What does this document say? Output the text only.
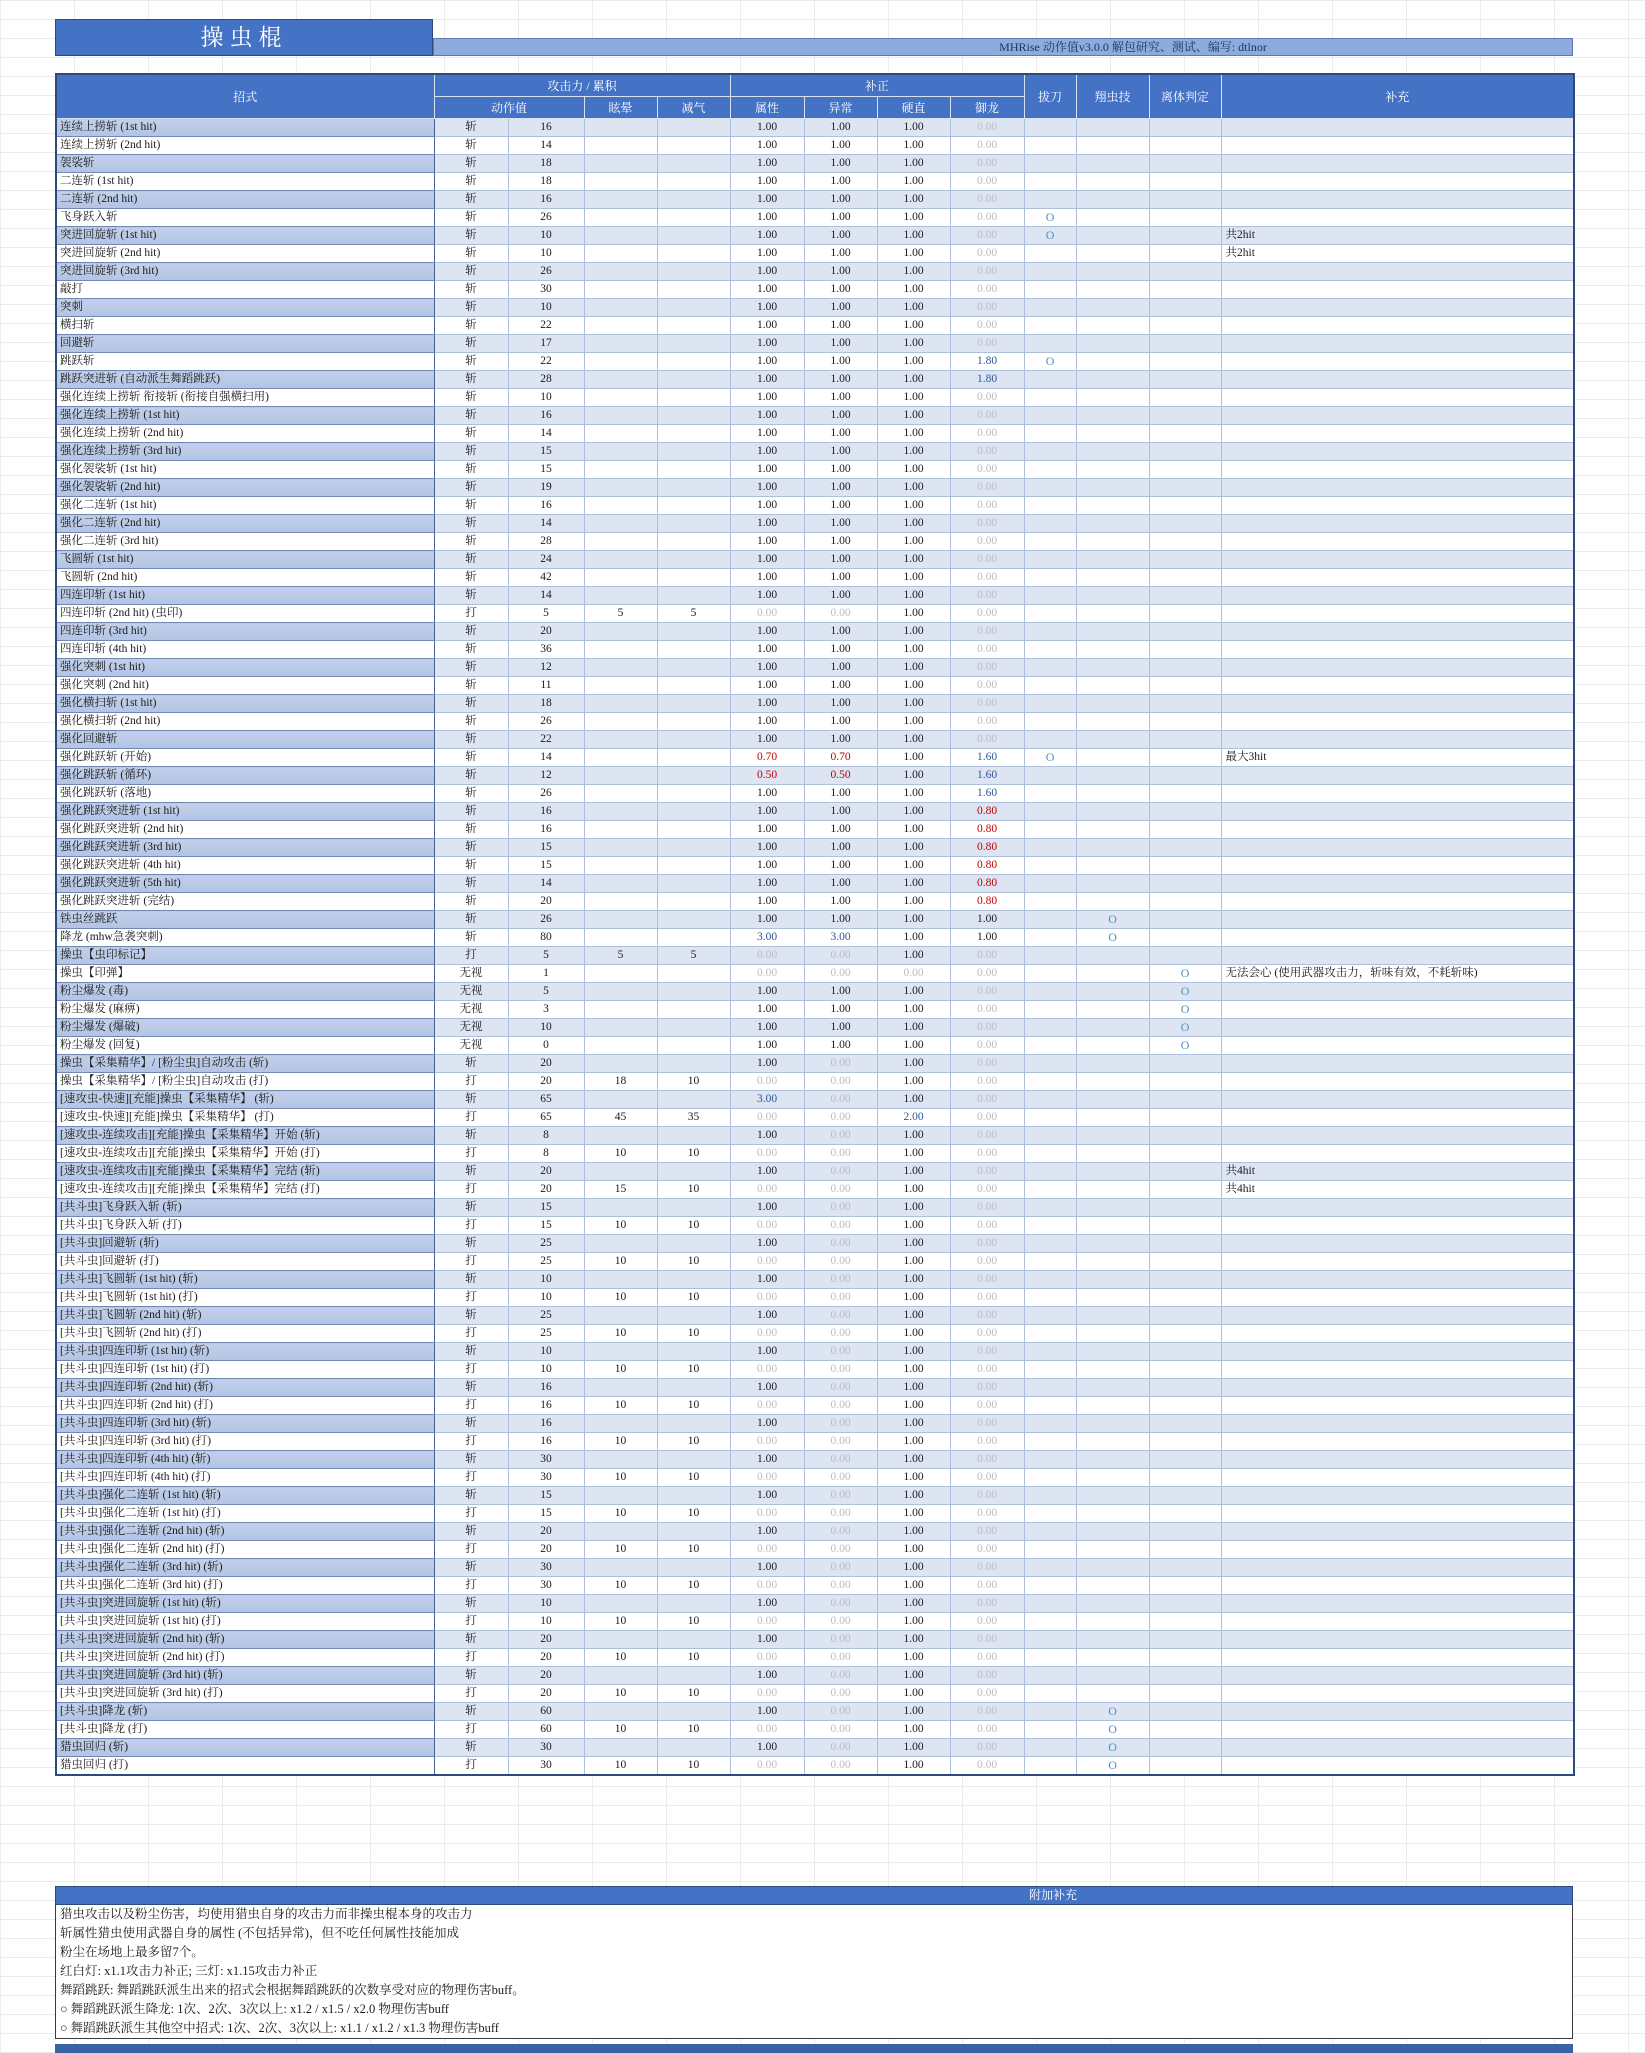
操虫棍	MHRise 动作值v3.0.0 解包研究、测试、编写: dtlnor
招式	攻击力 / 累积				补正				拔刀	翔虫技	离体判定	补充
	动作值		眩晕	减气	属性	异常	硬直	御龙				
连续上捞斩 (1st hit)	斩	16			1.00	1.00	1.00	0.00				
连续上捞斩 (2nd hit)	斩	14			1.00	1.00	1.00	0.00				
袈裟斩	斩	18			1.00	1.00	1.00	0.00				
二连斩 (1st hit)	斩	18			1.00	1.00	1.00	0.00				
二连斩 (2nd hit)	斩	16			1.00	1.00	1.00	0.00				
飞身跃入斩	斩	26			1.00	1.00	1.00	0.00	O			
突进回旋斩 (1st hit)	斩	10			1.00	1.00	1.00	0.00	O			共2hit
突进回旋斩 (2nd hit)	斩	10			1.00	1.00	1.00	0.00				共2hit
突进回旋斩 (3rd hit)	斩	26			1.00	1.00	1.00	0.00				
敲打	斩	30			1.00	1.00	1.00	0.00				
突刺	斩	10			1.00	1.00	1.00	0.00				
横扫斩	斩	22			1.00	1.00	1.00	0.00				
回避斩	斩	17			1.00	1.00	1.00	0.00				
跳跃斩	斩	22			1.00	1.00	1.00	1.80	O			
跳跃突进斩 (自动派生舞蹈跳跃)	斩	28			1.00	1.00	1.00	1.80				
强化连续上捞斩 衔接斩 (衔接自强横扫用)	斩	10			1.00	1.00	1.00	0.00				
强化连续上捞斩 (1st hit)	斩	16			1.00	1.00	1.00	0.00				
强化连续上捞斩 (2nd hit)	斩	14			1.00	1.00	1.00	0.00				
强化连续上捞斩 (3rd hit)	斩	15			1.00	1.00	1.00	0.00				
强化袈裟斩 (1st hit)	斩	15			1.00	1.00	1.00	0.00				
强化袈裟斩 (2nd hit)	斩	19			1.00	1.00	1.00	0.00				
强化二连斩 (1st hit)	斩	16			1.00	1.00	1.00	0.00				
强化二连斩 (2nd hit)	斩	14			1.00	1.00	1.00	0.00				
强化二连斩 (3rd hit)	斩	28			1.00	1.00	1.00	0.00				
飞圆斩 (1st hit)	斩	24			1.00	1.00	1.00	0.00				
飞圆斩 (2nd hit)	斩	42			1.00	1.00	1.00	0.00				
四连印斩 (1st hit)	斩	14			1.00	1.00	1.00	0.00				
四连印斩 (2nd hit) (虫印)	打	5	5	5	0.00	0.00	1.00	0.00				
四连印斩 (3rd hit)	斩	20			1.00	1.00	1.00	0.00				
四连印斩 (4th hit)	斩	36			1.00	1.00	1.00	0.00				
强化突刺 (1st hit)	斩	12			1.00	1.00	1.00	0.00				
强化突刺 (2nd hit)	斩	11			1.00	1.00	1.00	0.00				
强化横扫斩 (1st hit)	斩	18			1.00	1.00	1.00	0.00				
强化横扫斩 (2nd hit)	斩	26			1.00	1.00	1.00	0.00				
强化回避斩	斩	22			1.00	1.00	1.00	0.00				
强化跳跃斩 (开始)	斩	14			0.70	0.70	1.00	1.60	O			最大3hit
强化跳跃斩 (循环)	斩	12			0.50	0.50	1.00	1.60				
强化跳跃斩 (落地)	斩	26			1.00	1.00	1.00	1.60				
强化跳跃突进斩 (1st hit)	斩	16			1.00	1.00	1.00	0.80				
强化跳跃突进斩 (2nd hit)	斩	16			1.00	1.00	1.00	0.80				
强化跳跃突进斩 (3rd hit)	斩	15			1.00	1.00	1.00	0.80				
强化跳跃突进斩 (4th hit)	斩	15			1.00	1.00	1.00	0.80				
强化跳跃突进斩 (5th hit)	斩	14			1.00	1.00	1.00	0.80				
强化跳跃突进斩 (完结)	斩	20			1.00	1.00	1.00	0.80				
铁虫丝跳跃	斩	26			1.00	1.00	1.00	1.00		O		
降龙 (mhw急袭突刺)	斩	80			3.00	3.00	1.00	1.00		O		
操虫【虫印标记】	打	5	5	5	0.00	0.00	1.00	0.00				
操虫【印弹】	无视	1			0.00	0.00	0.00	0.00			O	无法会心 (使用武器攻击力，斩味有效，不耗斩味)
粉尘爆发 (毒)	无视	5			1.00	1.00	1.00	0.00			O	
粉尘爆发 (麻痹)	无视	3			1.00	1.00	1.00	0.00			O	
粉尘爆发 (爆破)	无视	10			1.00	1.00	1.00	0.00			O	
粉尘爆发 (回复)	无视	0			1.00	1.00	1.00	0.00			O	
操虫【采集精华】/ [粉尘虫]自动攻击 (斩)	斩	20			1.00	0.00	1.00	0.00				
操虫【采集精华】/ [粉尘虫]自动攻击 (打)	打	20	18	10	0.00	0.00	1.00	0.00				
[速攻虫-快速][充能]操虫【采集精华】 (斩)	斩	65			3.00	0.00	1.00	0.00				
[速攻虫-快速][充能]操虫【采集精华】 (打)	打	65	45	35	0.00	0.00	2.00	0.00				
[速攻虫-连续攻击][充能]操虫【采集精华】开始 (斩)	斩	8			1.00	0.00	1.00	0.00				
[速攻虫-连续攻击][充能]操虫【采集精华】开始 (打)	打	8	10	10	0.00	0.00	1.00	0.00				
[速攻虫-连续攻击][充能]操虫【采集精华】完结 (斩)	斩	20			1.00	0.00	1.00	0.00				共4hit
[速攻虫-连续攻击][充能]操虫【采集精华】完结 (打)	打	20	15	10	0.00	0.00	1.00	0.00				共4hit
[共斗虫]飞身跃入斩 (斩)	斩	15			1.00	0.00	1.00	0.00				
[共斗虫]飞身跃入斩 (打)	打	15	10	10	0.00	0.00	1.00	0.00				
[共斗虫]回避斩 (斩)	斩	25			1.00	0.00	1.00	0.00				
[共斗虫]回避斩 (打)	打	25	10	10	0.00	0.00	1.00	0.00				
[共斗虫]飞圆斩 (1st hit) (斩)	斩	10			1.00	0.00	1.00	0.00				
[共斗虫]飞圆斩 (1st hit) (打)	打	10	10	10	0.00	0.00	1.00	0.00				
[共斗虫]飞圆斩 (2nd hit) (斩)	斩	25			1.00	0.00	1.00	0.00				
[共斗虫]飞圆斩 (2nd hit) (打)	打	25	10	10	0.00	0.00	1.00	0.00				
[共斗虫]四连印斩 (1st hit) (斩)	斩	10			1.00	0.00	1.00	0.00				
[共斗虫]四连印斩 (1st hit) (打)	打	10	10	10	0.00	0.00	1.00	0.00				
[共斗虫]四连印斩 (2nd hit) (斩)	斩	16			1.00	0.00	1.00	0.00				
[共斗虫]四连印斩 (2nd hit) (打)	打	16	10	10	0.00	0.00	1.00	0.00				
[共斗虫]四连印斩 (3rd hit) (斩)	斩	16			1.00	0.00	1.00	0.00				
[共斗虫]四连印斩 (3rd hit) (打)	打	16	10	10	0.00	0.00	1.00	0.00				
[共斗虫]四连印斩 (4th hit) (斩)	斩	30			1.00	0.00	1.00	0.00				
[共斗虫]四连印斩 (4th hit) (打)	打	30	10	10	0.00	0.00	1.00	0.00				
[共斗虫]强化二连斩 (1st hit) (斩)	斩	15			1.00	0.00	1.00	0.00				
[共斗虫]强化二连斩 (1st hit) (打)	打	15	10	10	0.00	0.00	1.00	0.00				
[共斗虫]强化二连斩 (2nd hit) (斩)	斩	20			1.00	0.00	1.00	0.00				
[共斗虫]强化二连斩 (2nd hit) (打)	打	20	10	10	0.00	0.00	1.00	0.00				
[共斗虫]强化二连斩 (3rd hit) (斩)	斩	30			1.00	0.00	1.00	0.00				
[共斗虫]强化二连斩 (3rd hit) (打)	打	30	10	10	0.00	0.00	1.00	0.00				
[共斗虫]突进回旋斩 (1st hit) (斩)	斩	10			1.00	0.00	1.00	0.00				
[共斗虫]突进回旋斩 (1st hit) (打)	打	10	10	10	0.00	0.00	1.00	0.00				
[共斗虫]突进回旋斩 (2nd hit) (斩)	斩	20			1.00	0.00	1.00	0.00				
[共斗虫]突进回旋斩 (2nd hit) (打)	打	20	10	10	0.00	0.00	1.00	0.00				
[共斗虫]突进回旋斩 (3rd hit) (斩)	斩	20			1.00	0.00	1.00	0.00				
[共斗虫]突进回旋斩 (3rd hit) (打)	打	20	10	10	0.00	0.00	1.00	0.00				
[共斗虫]降龙 (斩)	斩	60			1.00	0.00	1.00	0.00		O		
[共斗虫]降龙 (打)	打	60	10	10	0.00	0.00	1.00	0.00		O		
猎虫回归 (斩)	斩	30			1.00	0.00	1.00	0.00		O		
猎虫回归 (打)	打	30	10	10	0.00	0.00	1.00	0.00		O		
附加补充
猎虫攻击以及粉尘伤害，均使用猎虫自身的攻击力而非操虫棍本身的攻击力
斩属性猎虫使用武器自身的属性 (不包括异常)，但不吃任何属性技能加成
粉尘在场地上最多留7个。
红白灯: x1.1攻击力补正; 三灯: x1.15攻击力补正
舞蹈跳跃: 舞蹈跳跃派生出来的招式会根据舞蹈跳跃的次数享受对应的物理伤害buff。
○ 舞蹈跳跃派生降龙: 1次、2次、3次以上: x1.2 / x1.5 / x2.0 物理伤害buff
○ 舞蹈跳跃派生其他空中招式: 1次、2次、3次以上: x1.1 / x1.2 / x1.3 物理伤害buff
